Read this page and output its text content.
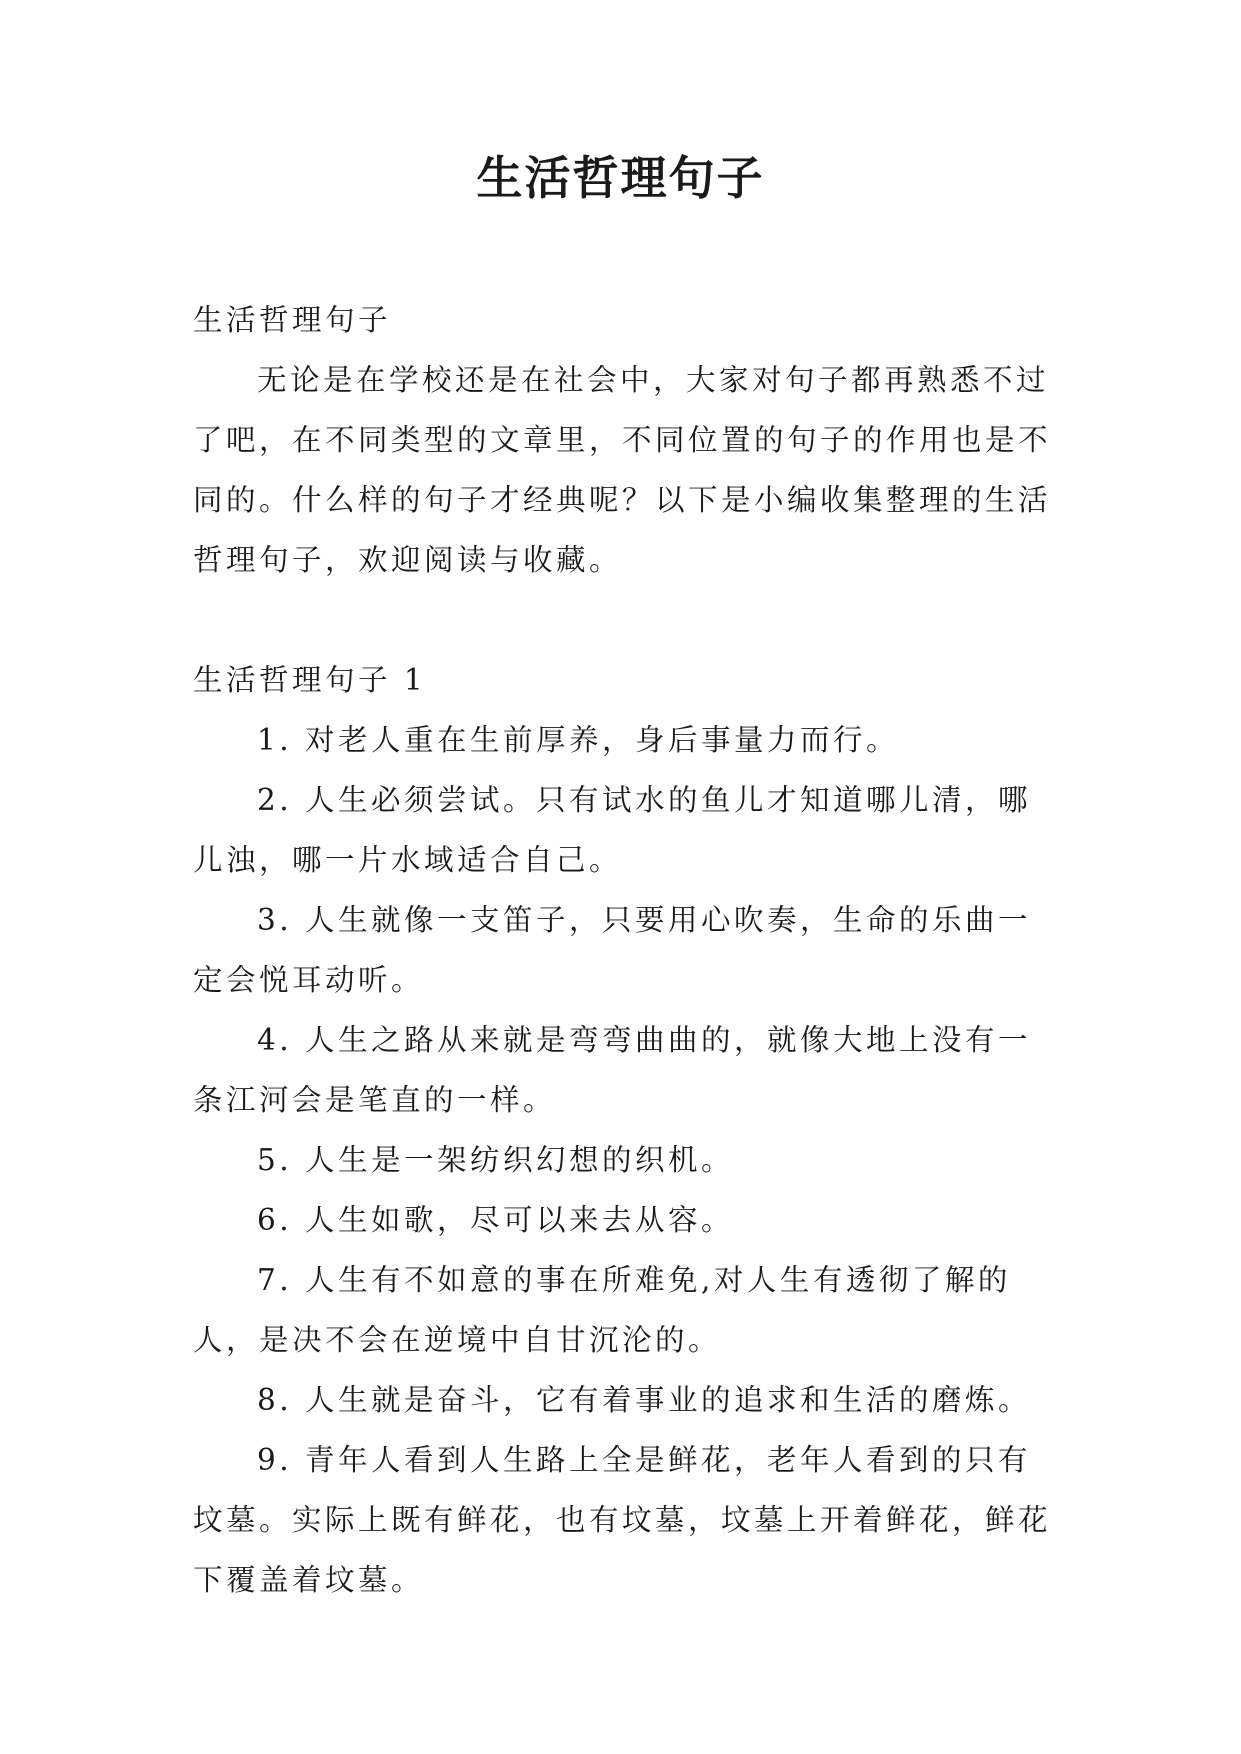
生活哲理句子

生活哲理句子

无论是在学校还是在社会中，大家对句子都再熟悉不过了吧，在不同类型的文章里，不同位置的句子的作用也是不同的。什么样的句子才经典呢？以下是小编收集整理的生活哲理句子，欢迎阅读与收藏。

生活哲理句子 1

1. 对老人重在生前厚养，身后事量力而行。

2. 人生必须尝试。只有试水的鱼儿才知道哪儿清，哪儿浊，哪一片水域适合自己。

3. 人生就像一支笛子，只要用心吹奏，生命的乐曲一定会悦耳动听。

4. 人生之路从来就是弯弯曲曲的，就像大地上没有一条江河会是笔直的一样。

5. 人生是一架纺织幻想的织机。

6. 人生如歌，尽可以来去从容。

7. 人生有不如意的事在所难免,对人生有透彻了解的人，是决不会在逆境中自甘沉沦的。

8. 人生就是奋斗，它有着事业的追求和生活的磨炼。

9. 青年人看到人生路上全是鲜花，老年人看到的只有坟墓。实际上既有鲜花，也有坟墓，坟墓上开着鲜花，鲜花下覆盖着坟墓。
